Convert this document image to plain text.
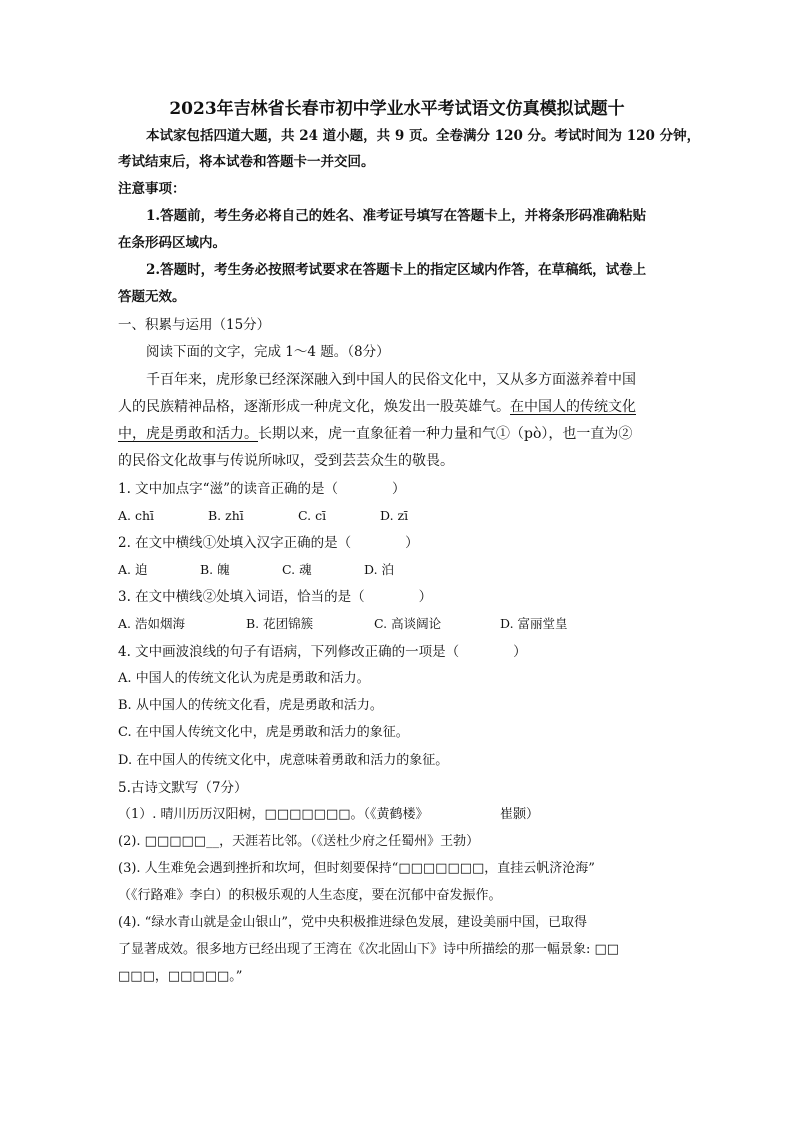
2023年吉林省长春市初中学业水平考试语文仿真模拟试题十
本试家包括四道大题，共 24 道小题，共 9 页。全卷满分 120 分。考试时间为 120 分钟，
考试结束后，将本试卷和答题卡一并交回。
注意事项：
1.答题前，考生务必将自己的姓名、准考证号填写在答题卡上，并将条形码准确粘贴
在条形码区域内。
2.答题时，考生务必按照考试要求在答题卡上的指定区域内作答，在草稿纸，试卷上
答题无效。
一、积累与运用（15分）
阅读下面的文字，完成 1～4 题。（8分）
千百年来，虎形象已经深深融入到中国人的民俗文化中，又从多方面滋养着中国
人的民族精神品格，逐渐形成一种虎文化，焕发出一股英雄气。在中国人的传统文化
中，虎是勇敢和活力。长期以来，虎一直象征着一种力量和气①（pò），也一直为②
的民俗文化故事与传说所咏叹，受到芸芸众生的敬畏。
1. 文中加点字“滋”的读音正确的是（　　　　）
A. chī	B. zhī	C. cī	D. zī
2. 在文中横线①处填入汉字正确的是（　　　　）
A. 迫	B. 魄	C. 魂	D. 泊
3. 在文中横线②处填入词语，恰当的是（　　　　）
A. 浩如烟海	B. 花团锦簇	C. 高谈阔论	D. 富丽堂皇
4. 文中画波浪线的句子有语病，下列修改正确的一项是（　　　　）
A. 中国人的传统文化认为虎是勇敢和活力。
B. 从中国人的传统文化看，虎是勇敢和活力。
C. 在中国人传统文化中，虎是勇敢和活力的象征。
D. 在中国人的传统文化中，虎意味着勇敢和活力的象征。
5.古诗文默写（7分）
（1）. 晴川历历汉阳树，□□□□□□□。（《黄鹤楼》　　　　　　崔颢）
(2). □□□□□__，天涯若比邻。（《送杜少府之任蜀州》王勃）
(3). 人生难免会遇到挫折和坎坷，但时刻要保持“□□□□□□□，直挂云帆济沧海”
（《行路难》李白）的积极乐观的人生态度，要在沉郁中奋发振作。
(4). “绿水青山就是金山银山”，党中央积极推进绿色发展，建设美丽中国，已取得
了显著成效。很多地方已经出现了王湾在《次北固山下》诗中所描绘的那一幅景象: □□
□□□，□□□□□。”
